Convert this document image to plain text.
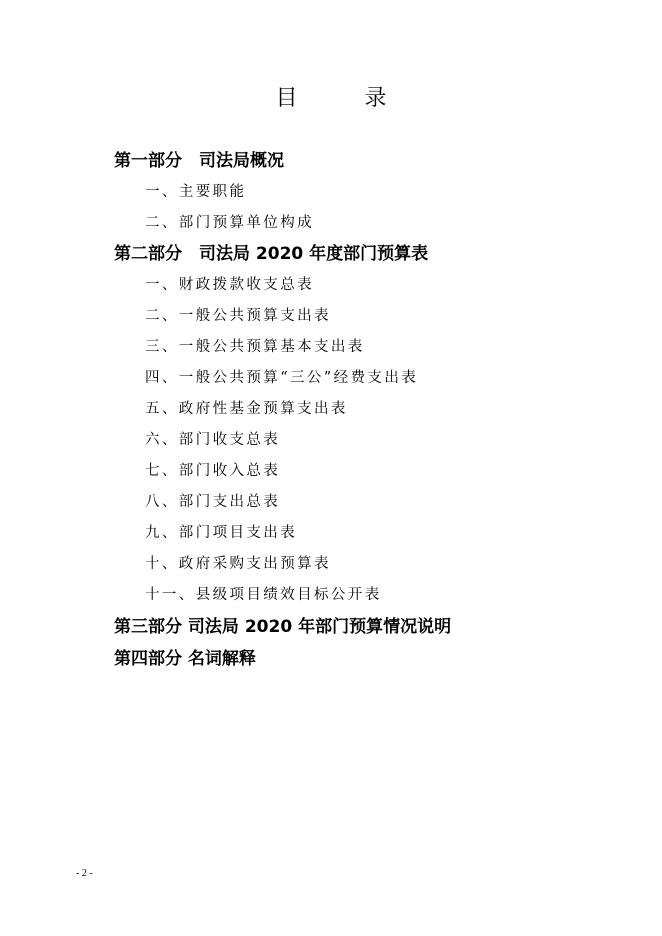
目 录
第一部分　司法局概况
一、主要职能
二、部门预算单位构成
第二部分　司法局 2020 年度部门预算表
一、财政拨款收支总表
二、一般公共预算支出表
三、一般公共预算基本支出表
四、一般公共预算“三公”经费支出表
五、政府性基金预算支出表
六、部门收支总表
七、部门收入总表
八、部门支出总表
九、部门项目支出表
十、政府采购支出预算表
十一、县级项目绩效目标公开表
第三部分 司法局 2020 年部门预算情况说明
第四部分 名词解释
- 2 -
